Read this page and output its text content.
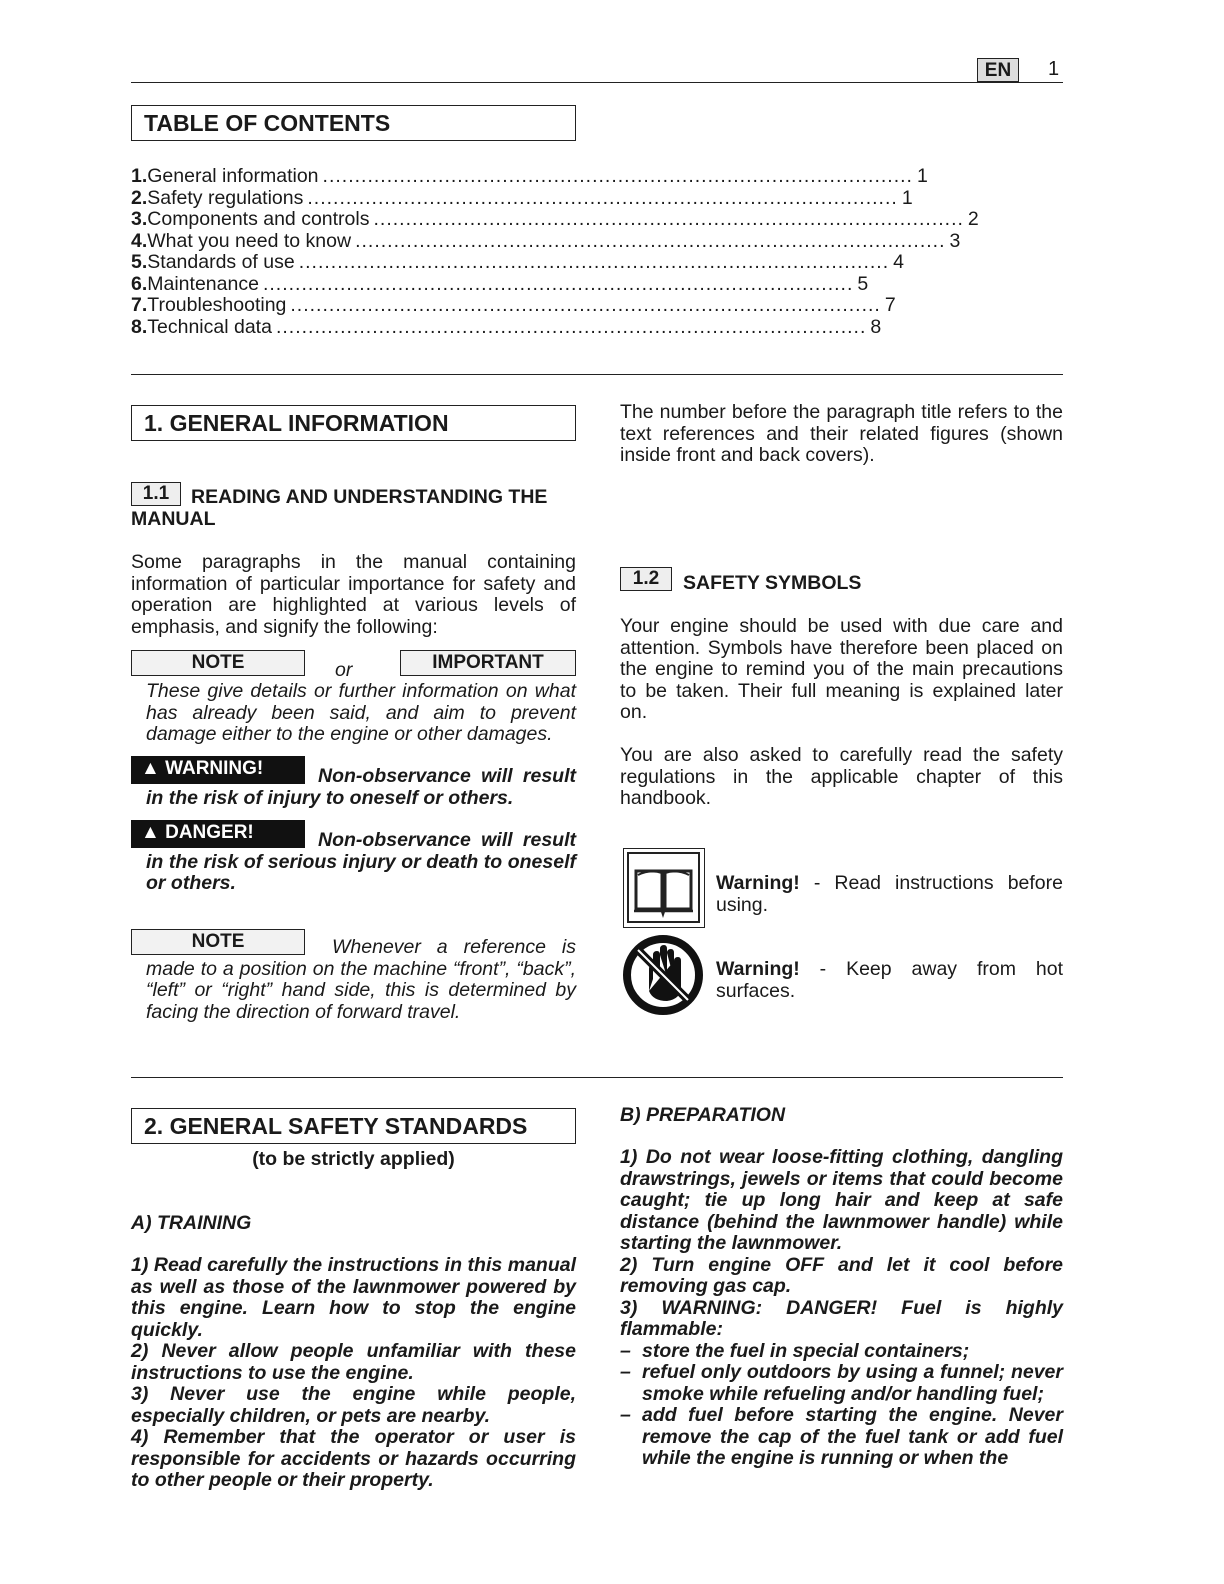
EN	1
TABLE OF CONTENTS
1. General information ............................................................................................ 1
2. Safety regulations ............................................................................................ 1
3. Components and controls ............................................................................................ 2
4. What you need to know ............................................................................................ 3
5. Standards of use ............................................................................................ 4
6. Maintenance ............................................................................................ 5
7. Troubleshooting ............................................................................................ 7
8. Technical data ............................................................................................ 8
1. GENERAL INFORMATION
1.1	READING AND UNDERSTANDING THE MANUAL
Some paragraphs in the manual containing information of particular importance for safety and operation are highlighted at various levels of emphasis, and signify the following:
NOTE	or	IMPORTANT
These give details or further information on what has already been said, and aim to prevent damage either to the engine or other damages.
▲ WARNING!	Non-observance will result in the risk of injury to oneself or others.
▲ DANGER!	Non-observance will result in the risk of serious injury or death to oneself or others.
NOTE	Whenever a reference is made to a position on the machine “front”, “back”, “left” or “right” hand side, this is determined by facing the direction of forward travel.
The number before the paragraph title refers to the text references and their related figures (shown inside front and back covers).
1.2	SAFETY SYMBOLS
Your engine should be used with due care and attention. Symbols have therefore been placed on the engine to remind you of the main precautions to be taken. Their full meaning is explained later on.
You are also asked to carefully read the safety regulations in the applicable chapter of this handbook.
Warning! - Read instructions before using.
Warning! - Keep away from hot surfaces.
2. GENERAL SAFETY STANDARDS
(to be strictly applied)
A) TRAINING
1) Read carefully the instructions in this manual as well as those of the lawnmower powered by this engine. Learn how to stop the engine quickly.
2) Never allow people unfamiliar with these instructions to use the engine.
3) Never use the engine while people, especially children, or pets are nearby.
4) Remember that the operator or user is responsible for accidents or hazards occurring to other people or their property.
B) PREPARATION
1) Do not wear loose-fitting clothing, dangling drawstrings, jewels or items that could become caught; tie up long hair and keep at safe distance (behind the lawnmower handle) while starting the lawnmower.
2) Turn engine OFF and let it cool before removing gas cap.
3) WARNING: DANGER! Fuel is highly flammable:
– store the fuel in special containers;
– refuel only outdoors by using a funnel; never smoke while refueling and/or handling fuel;
– add fuel before starting the engine. Never remove the cap of the fuel tank or add fuel while the engine is running or when the
